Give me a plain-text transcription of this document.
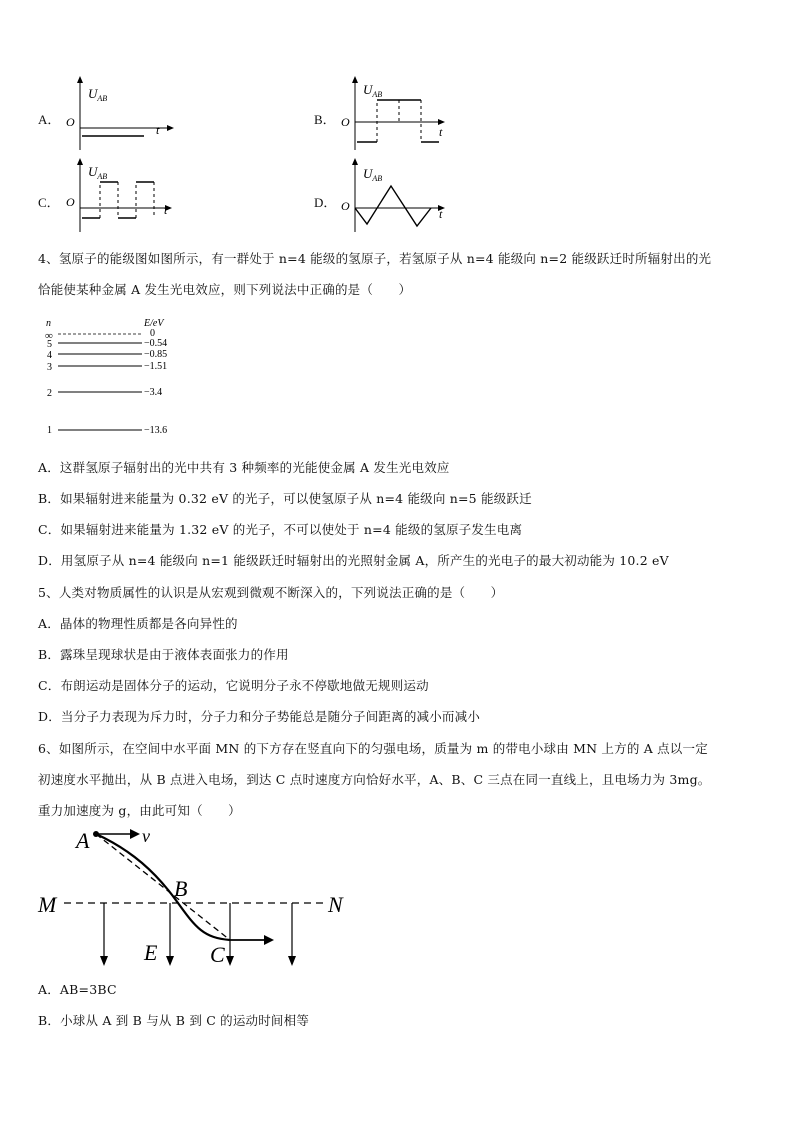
A．
$U_{AB}$
O
t
B．
$U_{AB}$
O
t
C．
$U_{AB}$
O
t	D．
$U_{AB}$
O
t
4、氢原子的能级图如图所示，有一群处于 n=4 能级的氢原子，若氢原子从 n=4 能级向 n=2 能级跃迁时所辐射出的光
恰能使某种金属 A 发生光电效应，则下列说法中正确的是（　　）
n	E/eV
∞	0
5	−0.54
4	−0.85
3	−1.51
2	−3.4
1	−13.6
A．这群氢原子辐射出的光中共有 3 种频率的光能使金属 A 发生光电效应
B．如果辐射进来能量为 0.32 eV 的光子，可以使氢原子从 n=4 能级向 n=5 能级跃迁
C．如果辐射进来能量为 1.32 eV 的光子，不可以使处于 n=4 能级的氢原子发生电离
D．用氢原子从 n=4 能级向 n=1 能级跃迁时辐射出的光照射金属 A，所产生的光电子的最大初动能为 10.2 eV
5、人类对物质属性的认识是从宏观到微观不断深入的，下列说法正确的是（　　）
A．晶体的物理性质都是各向异性的
B．露珠呈现球状是由于液体表面张力的作用
C．布朗运动是固体分子的运动，它说明分子永不停歇地做无规则运动
D．当分子力表现为斥力时，分子力和分子势能总是随分子间距离的减小而减小
6、如图所示，在空间中水平面 MN 的下方存在竖直向下的匀强电场，质量为 m 的带电小球由 MN 上方的 A 点以一定
初速度水平抛出，从 B 点进入电场，到达 C 点时速度方向恰好水平，A、B、C 三点在同一直线上，且电场力为 3mg。
重力加速度为 g，由此可知（　　）
M	N
A	v
B
C
E
A．AB=3BC
B．小球从 A 到 B 与从 B 到 C 的运动时间相等
